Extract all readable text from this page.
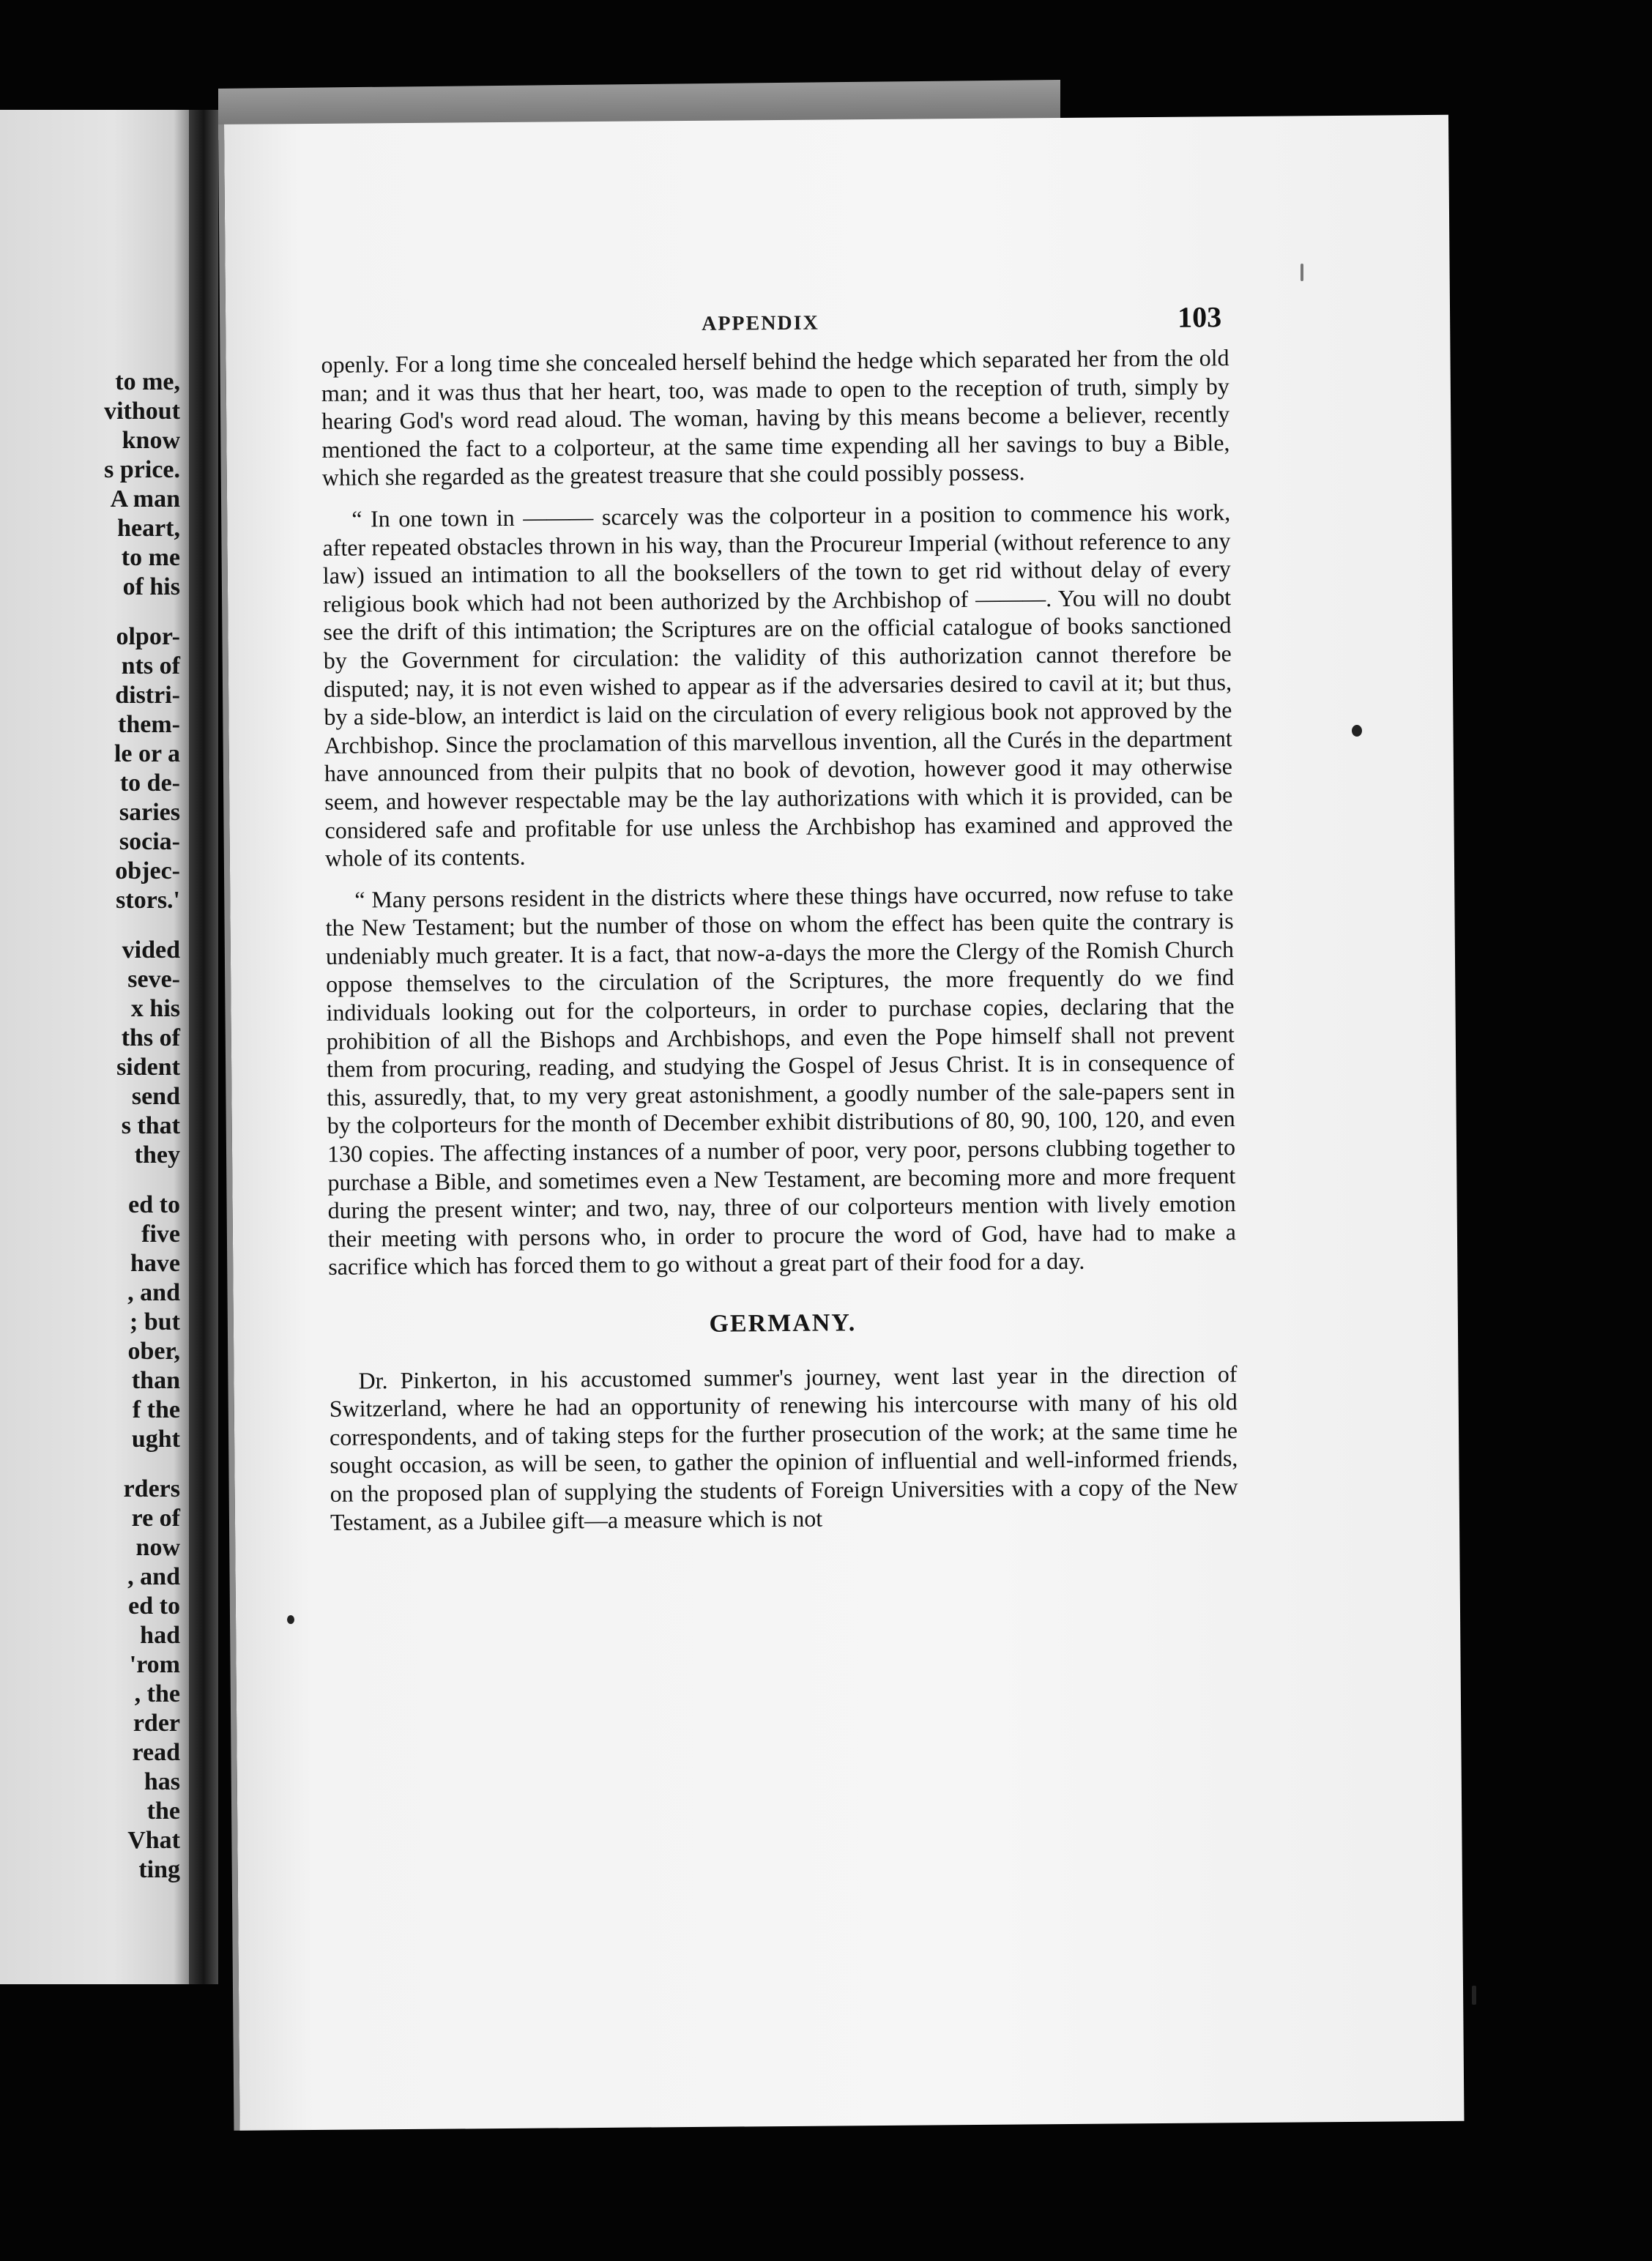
to me,
vithout
know
s price.
A man
heart,
to me
of his
olpor-
nts of
distri-
them-
le or a
to de-
saries
socia-
objec-
stors.'
vided
seve-
x his
ths of
sident
send
s that
they
ed to
five
have
, and
; but
ober,
than
f the
ught
rders
re of
now
, and
ed to
had
'rom
, the
rder
read
has
the
Vhat
ting
APPENDIX	103

openly. For a long time she concealed herself behind the hedge which separated her from the old man; and it was thus that her heart, too, was made to open to the reception of truth, simply by hearing God's word read aloud. The woman, having by this means become a believer, recently mentioned the fact to a colporteur, at the same time expending all her savings to buy a Bible, which she regarded as the greatest treasure that she could possibly possess.

“ In one town in ——— scarcely was the colporteur in a position to commence his work, after repeated obstacles thrown in his way, than the Procureur Imperial (without reference to any law) issued an intimation to all the booksellers of the town to get rid without delay of every religious book which had not been authorized by the Archbishop of ———. You will no doubt see the drift of this intimation; the Scriptures are on the official catalogue of books sanctioned by the Government for circulation: the validity of this authorization cannot therefore be disputed; nay, it is not even wished to appear as if the adversaries desired to cavil at it; but thus, by a side-blow, an interdict is laid on the circulation of every religious book not approved by the Archbishop. Since the proclamation of this marvellous invention, all the Curés in the department have announced from their pulpits that no book of devotion, however good it may otherwise seem, and however respectable may be the lay authorizations with which it is provided, can be considered safe and profitable for use unless the Archbishop has examined and approved the whole of its contents.

“ Many persons resident in the districts where these things have occurred, now refuse to take the New Testament; but the number of those on whom the effect has been quite the contrary is undeniably much greater. It is a fact, that now-a-days the more the Clergy of the Romish Church oppose themselves to the circulation of the Scriptures, the more frequently do we find individuals looking out for the colporteurs, in order to purchase copies, declaring that the prohibition of all the Bishops and Archbishops, and even the Pope himself shall not prevent them from procuring, reading, and studying the Gospel of Jesus Christ. It is in consequence of this, assuredly, that, to my very great astonishment, a goodly number of the sale-papers sent in by the colporteurs for the month of December exhibit distributions of 80, 90, 100, 120, and even 130 copies. The affecting instances of a number of poor, very poor, persons clubbing together to purchase a Bible, and sometimes even a New Testament, are becoming more and more frequent during the present winter; and two, nay, three of our colporteurs mention with lively emotion their meeting with persons who, in order to procure the word of God, have had to make a sacrifice which has forced them to go without a great part of their food for a day.

GERMANY.

Dr. Pinkerton, in his accustomed summer's journey, went last year in the direction of Switzerland, where he had an opportunity of renewing his intercourse with many of his old correspondents, and of taking steps for the further prosecution of the work; at the same time he sought occasion, as will be seen, to gather the opinion of influential and well-informed friends, on the proposed plan of supplying the students of Foreign Universities with a copy of the New Testament, as a Jubilee gift—a measure which is not
